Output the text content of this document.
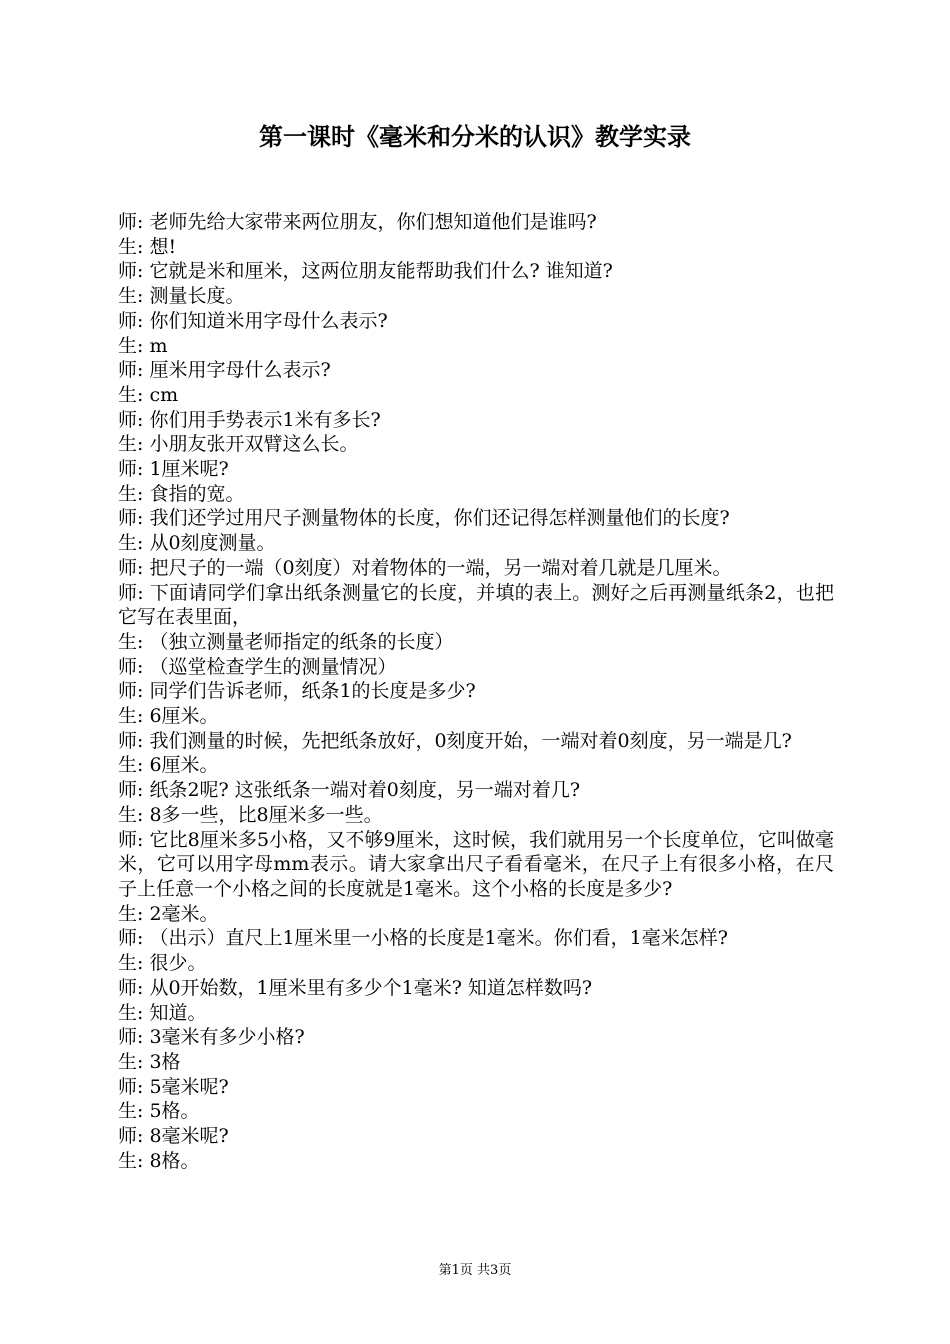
第一课时《毫米和分米的认识》教学实录
师: 老师先给大家带来两位朋友，你们想知道他们是谁吗?
生: 想!
师: 它就是米和厘米，这两位朋友能帮助我们什么? 谁知道?
生: 测量长度。
师: 你们知道米用字母什么表示?
生: m
师: 厘米用字母什么表示?
生: cm
师: 你们用手势表示1米有多长?
生: 小朋友张开双臂这么长。
师: 1厘米呢?
生: 食指的宽。
师: 我们还学过用尺子测量物体的长度，你们还记得怎样测量他们的长度?
生: 从0刻度测量。
师: 把尺子的一端（0刻度）对着物体的一端，另一端对着几就是几厘米。
师: 下面请同学们拿出纸条测量它的长度，并填的表上。测好之后再测量纸条2，也把它写在表里面，
生: （独立测量老师指定的纸条的长度）
师: （巡堂检查学生的测量情况）
师: 同学们告诉老师，纸条1的长度是多少?
生: 6厘米。
师: 我们测量的时候，先把纸条放好，0刻度开始，一端对着0刻度，另一端是几?
生: 6厘米。
师: 纸条2呢? 这张纸条一端对着0刻度，另一端对着几?
生: 8多一些，比8厘米多一些。
师: 它比8厘米多5小格，又不够9厘米，这时候，我们就用另一个长度单位，它叫做毫米，它可以用字母mm表示。请大家拿出尺子看看毫米，在尺子上有很多小格，在尺子上任意一个小格之间的长度就是1毫米。这个小格的长度是多少?
生: 2毫米。
师: （出示）直尺上1厘米里一小格的长度是1毫米。你们看，1毫米怎样?
生: 很少。
师: 从0开始数，1厘米里有多少个1毫米? 知道怎样数吗?
生: 知道。
师: 3毫米有多少小格?
生: 3格
师: 5毫米呢?
生: 5格。
师: 8毫米呢?
生: 8格。
第1页 共3页
